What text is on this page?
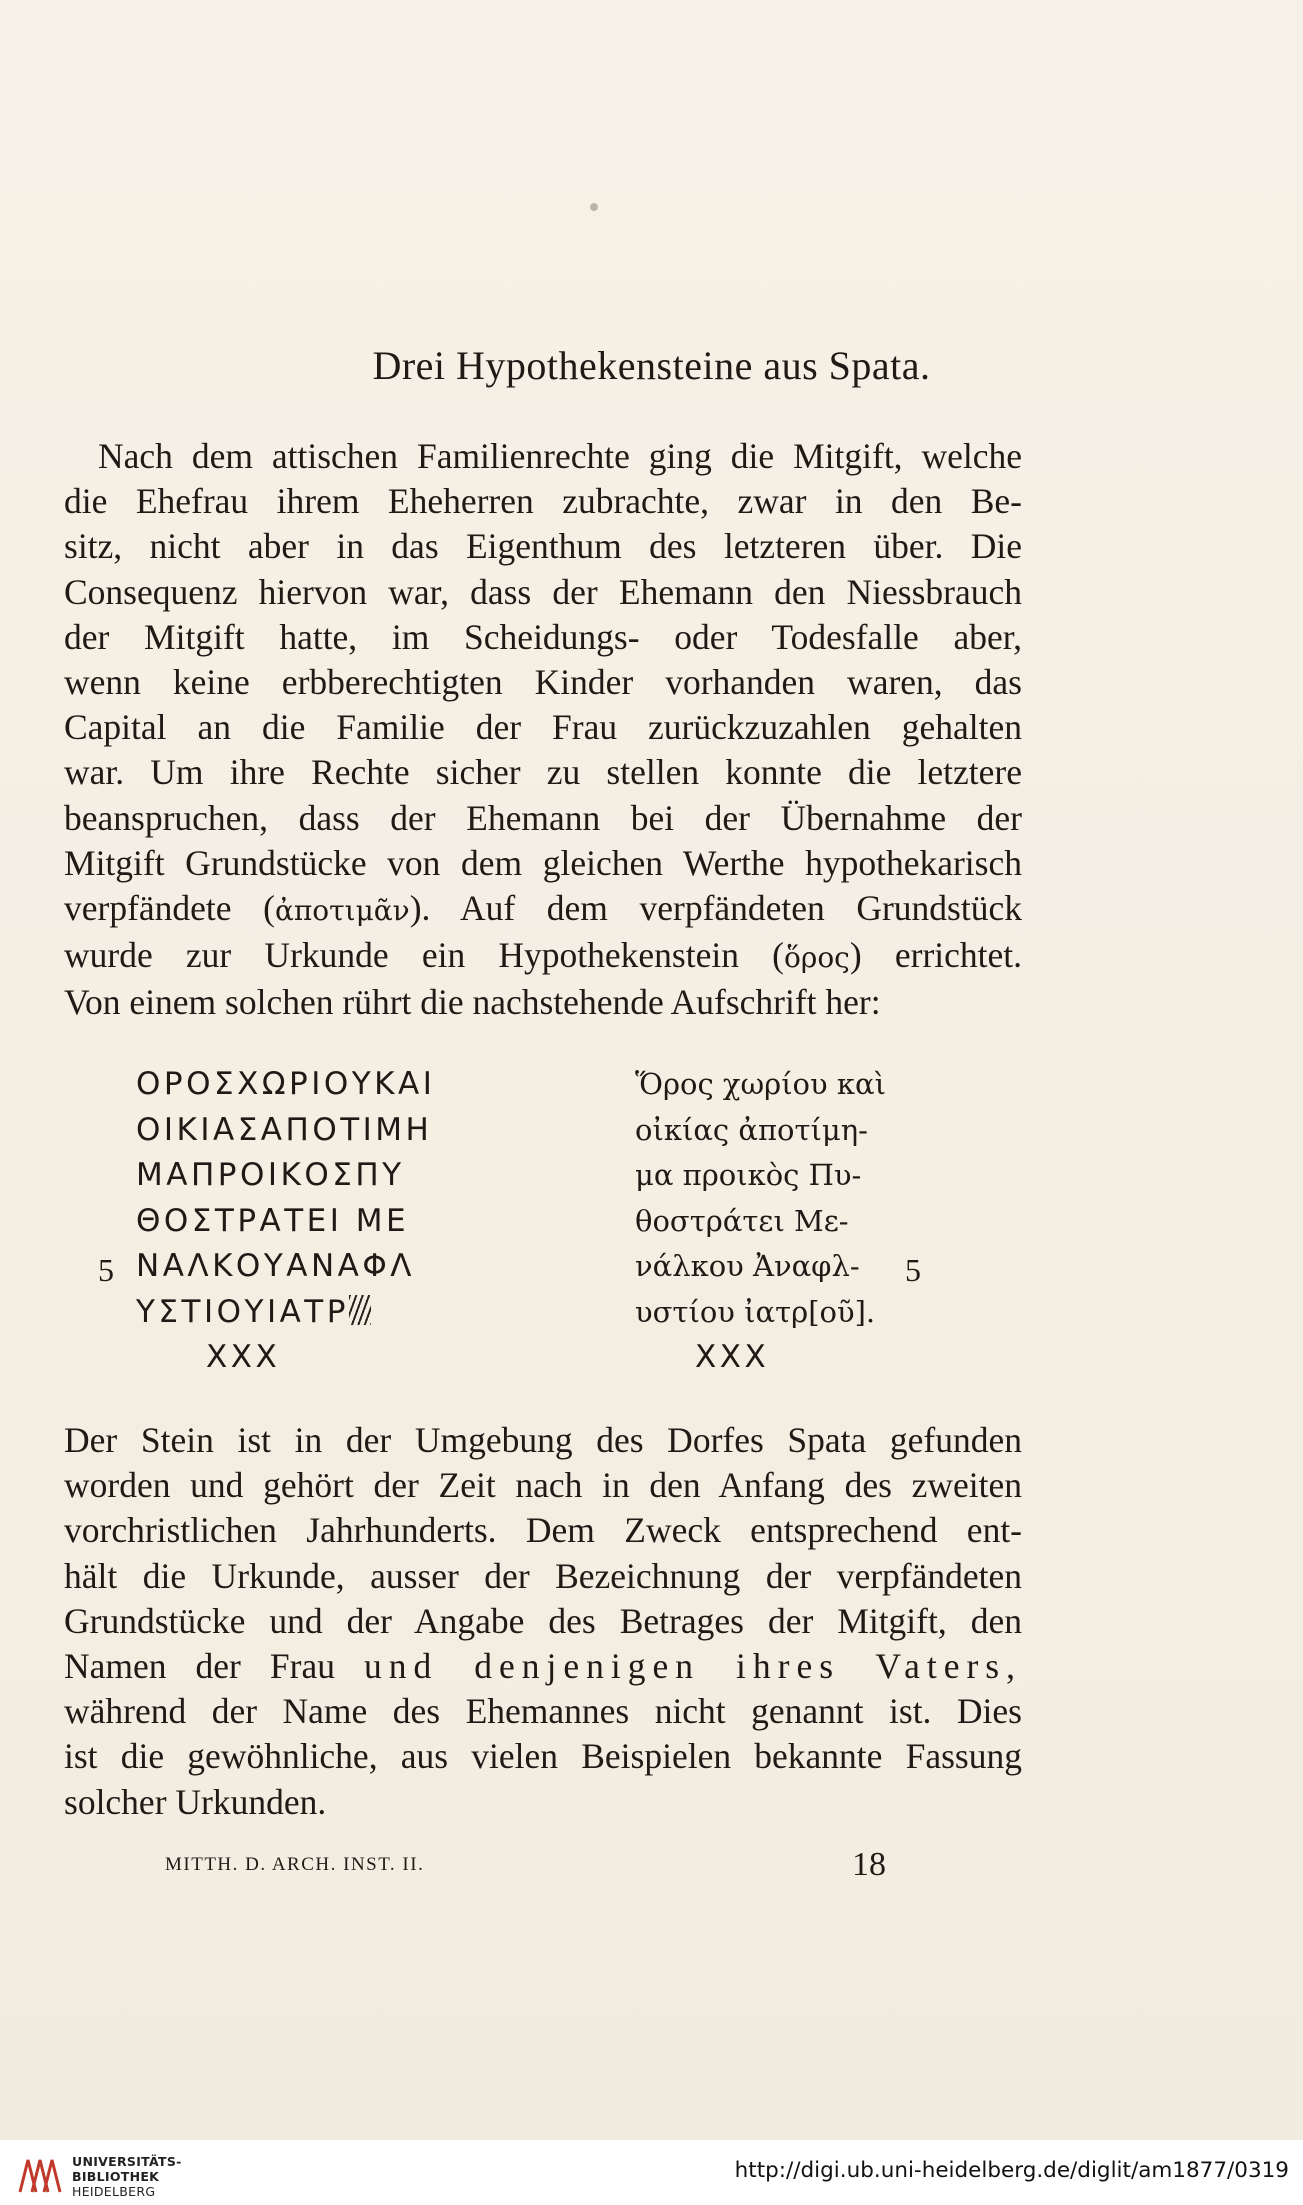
Drei Hypothekensteine aus Spata.
Nach dem attischen Familienrechte ging die Mitgift, welche
die Ehefrau ihrem Eheherren zubrachte, zwar in den Be-
sitz, nicht aber in das Eigenthum des letzteren über. Die
Consequenz hiervon war, dass der Ehemann den Niessbrauch
der Mitgift hatte, im Scheidungs- oder Todesfalle aber,
wenn keine erbberechtigten Kinder vorhanden waren, das
Capital an die Familie der Frau zurückzuzahlen gehalten
war. Um ihre Rechte sicher zu stellen konnte die letztere
beanspruchen, dass der Ehemann bei der Übernahme der
Mitgift Grundstücke von dem gleichen Werthe hypothekarisch
verpfändete (ἀποτιμᾶν). Auf dem verpfändeten Grundstück
wurde zur Urkunde ein Hypothekenstein (ὅρος) errichtet.
Von einem solchen rührt die nachstehende Aufschrift her:
5	5
ΟΡΟΣΧΩΡΙΟΥΚΑΙ
ΟΙΚΙΑΣΑΠΟΤΙΜΗ
ΜΑΠΡΟΙΚΟΣΠΥ
ΘΟΣΤΡΑΤΕΙ ΜΕ
ΝΑΛΚΟΥΑΝΑΦΛ
ΥΣΤΙΟΥΙΑΤΡ
ΧΧΧ
Ὅρος χωρίου καὶ
οἰκίας ἀποτίμη-
μα προικὸς Πυ-
θοστράτει Με-
νάλκου Ἀναφλ-
υστίου ἰατρ[οῦ].
ΧΧΧ
Der Stein ist in der Umgebung des Dorfes Spata gefunden
worden und gehört der Zeit nach in den Anfang des zweiten
vorchristlichen Jahrhunderts. Dem Zweck entsprechend ent-
hält die Urkunde, ausser der Bezeichnung der verpfändeten
Grundstücke und der Angabe des Betrages der Mitgift, den
Namen der Frau und denjenigen ihres Vaters,
während der Name des Ehemannes nicht genannt ist. Dies
ist die gewöhnliche, aus vielen Beispielen bekannte Fassung
solcher Urkunden.
MITTH. D. ARCH. INST. II.	18
UNIVERSITÄTS-
BIBLIOTHEK
HEIDELBERG
http://digi.ub.uni-heidelberg.de/diglit/am1877/0319
